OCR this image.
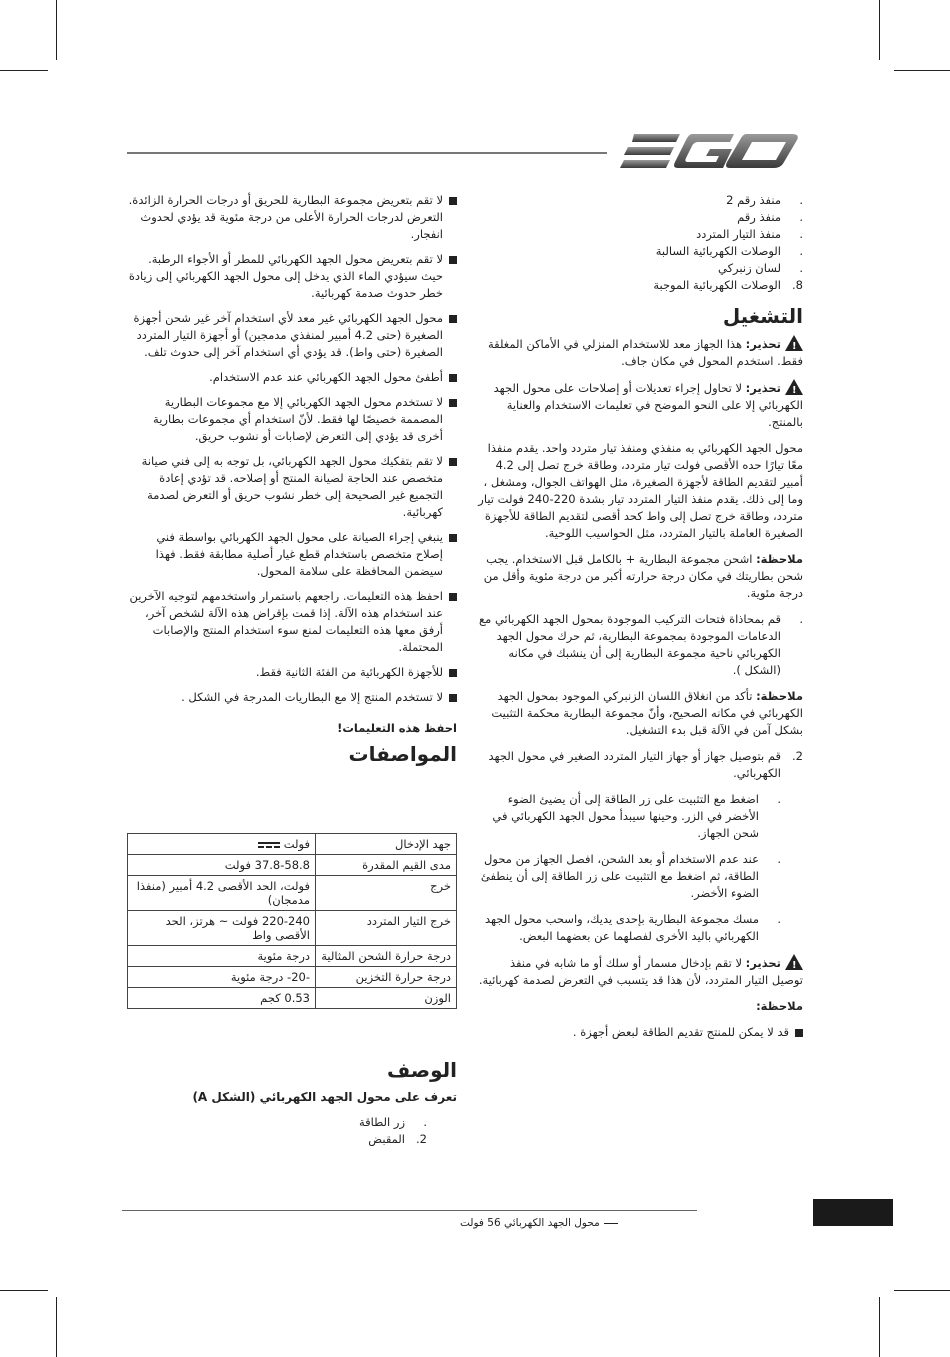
لا تقم بتعريض مجموعة البطارية للحريق أو درجات الحرارة الزائدة. التعرض لدرجات الحرارة الأعلى من درجة مئوية قد يؤدي لحدوث انفجار.
لا تقم بتعريض محول الجهد الكهربائي للمطر أو الأجواء الرطبة. حيث سيؤدي الماء الذي يدخل إلى محول الجهد الكهربائي إلى زيادة خطر حدوث صدمة كهربائية.
محول الجهد الكهربائي غير معد لأي استخدام آخر غير شحن أجهزة الصغيرة (حتى 4.2 أمبير لمنفذي مدمجين) أو أجهزة التيار المتردد الصغيرة (حتى واط). قد يؤدي أي استخدام آخر إلى حدوث تلف.
أطفئ محول الجهد الكهربائي عند عدم الاستخدام.
لا تستخدم محول الجهد الكهربائي إلا مع مجموعات البطارية المصممة خصيصًا لها فقط. لأنّ استخدام أي مجموعات بطارية أخرى قد يؤدي إلى التعرض لإصابات أو نشوب حريق.
لا تقم بتفكيك محول الجهد الكهربائي، بل توجه به إلى فني صيانة متخصص عند الحاجة لصيانة المنتج أو إصلاحه. قد تؤدي إعادة التجميع غير الصحيحة إلى خطر نشوب حريق أو التعرض لصدمة كهربائية.
ينبغي إجراء الصيانة على محول الجهد الكهربائي بواسطة فني إصلاح متخصص باستخدام قطع غيار أصلية مطابقة فقط. فهذا سيضمن المحافظة على سلامة المحول.
احفظ هذه التعليمات. راجعهم باستمرار واستخدمهم لتوجيه الآخرين عند استخدام هذه الآلة. إذا قمت بإقراض هذه الآلة لشخص آخر، أرفق معها هذه التعليمات لمنع سوء استخدام المنتج والإصابات المحتملة.
للأجهزة الكهربائية من الفئة الثانية فقط.
لا تستخدم المنتج إلا مع البطاريات المدرجة في الشكل .

احفظ هذه التعليمات!

المواصفات
جهد الإدخال	فولت
مدى القيم المقدرة	37.8-58.8 فولت
خرج	فولت، الحد الأقصى 4.2 أمبير (منفذا مدمجان)
خرج التيار المتردد	220-240 فولت ~ هرتز، الحد الأقصى واط
درجة حرارة الشحن المثالية	درجة مئوية
درجة حرارة التخزين	-20- درجة مئوية
الوزن	0.53 كجم
الوصف
تعرف على محول الجهد الكهربائي (الشكل A)
.
زر الطاقة
2.
المقبض
.
منفذ رقم 2
.
منفذ رقم
.
منفذ التيار المتردد
.
الوصلات الكهربائية السالبة
.
لسان زنبركي
8.
الوصلات الكهربائية الموجبة
التشغيل

!تحذير: هذا الجهاز معد للاستخدام المنزلي في الأماكن المغلقة فقط. استخدم المحول في مكان جاف.

!تحذير: لا تحاول إجراء تعديلات أو إصلاحات على محول الجهد الكهربائي إلا على النحو الموضح في تعليمات الاستخدام والعناية بالمنتج.

محول الجهد الكهربائي به منفذي ومنفذ تيار متردد واحد. يقدم منفذا معًا تيارًا حده الأقصى فولت تيار متردد، وطاقة خرج تصل إلى 4.2 أمبير لتقديم الطاقة لأجهزة الصغيرة، مثل الهواتف الجوال، ومشغل ، وما إلى ذلك. يقدم منفذ التيار المتردد تيار بشدة 220-240 فولت تيار متردد، وطاقة خرج تصل إلى واط كحد أقصى لتقديم الطاقة للأجهزة الصغيرة العاملة بالتيار المتردد، مثل الحواسيب اللوحية.

ملاحظة: اشحن مجموعة البطارية + بالكامل قبل الاستخدام. يجب شحن بطاريتك في مكان درجة حرارته أكبر من درجة مئوية وأقل من درجة مئوية.

.
قم بمحاذاة فتحات التركيب الموجودة بمحول الجهد الكهربائي مع الدعامات الموجودة بمجموعة البطارية، ثم حرك محول الجهد الكهربائي ناحية مجموعة البطارية إلى أن ينشبك في مكانه (الشكل ).

ملاحظة: تأكد من انغلاق اللسان الزنبركي الموجود بمحول الجهد الكهربائي في مكانه الصحيح، وأنّ مجموعة البطارية محكمة التثبيت بشكل آمن في الآلة قبل بدء التشغيل.

2.
قم بتوصيل جهاز أو جهاز التيار المتردد الصغير في محول الجهد الكهربائي.
.
اضغط مع التثبيت على زر الطاقة إلى أن يضيئ الضوء الأخضر في الزر. وحينها سيبدأ محول الجهد الكهربائي في شحن الجهاز.
.
عند عدم الاستخدام أو بعد الشحن، افصل الجهاز من محول الطاقة، ثم اضغط مع التثبيت على زر الطاقة إلى أن ينطفئ الضوء الأخضر.
.
مسك مجموعة البطارية بإحدى يديك، واسحب محول الجهد الكهربائي باليد الأخرى لفصلهما عن بعضهما البعض.

!تحذير: لا تقم بإدخال مسمار أو سلك أو ما شابه في منفذ توصيل التيار المتردد، لأن هذا قد يتسبب في التعرض لصدمة كهربائية.

ملاحظة:

قد لا يمكن للمنتج تقديم الطاقة لبعض أجهزة .
محول الجهد الكهربائي 56 فولت
